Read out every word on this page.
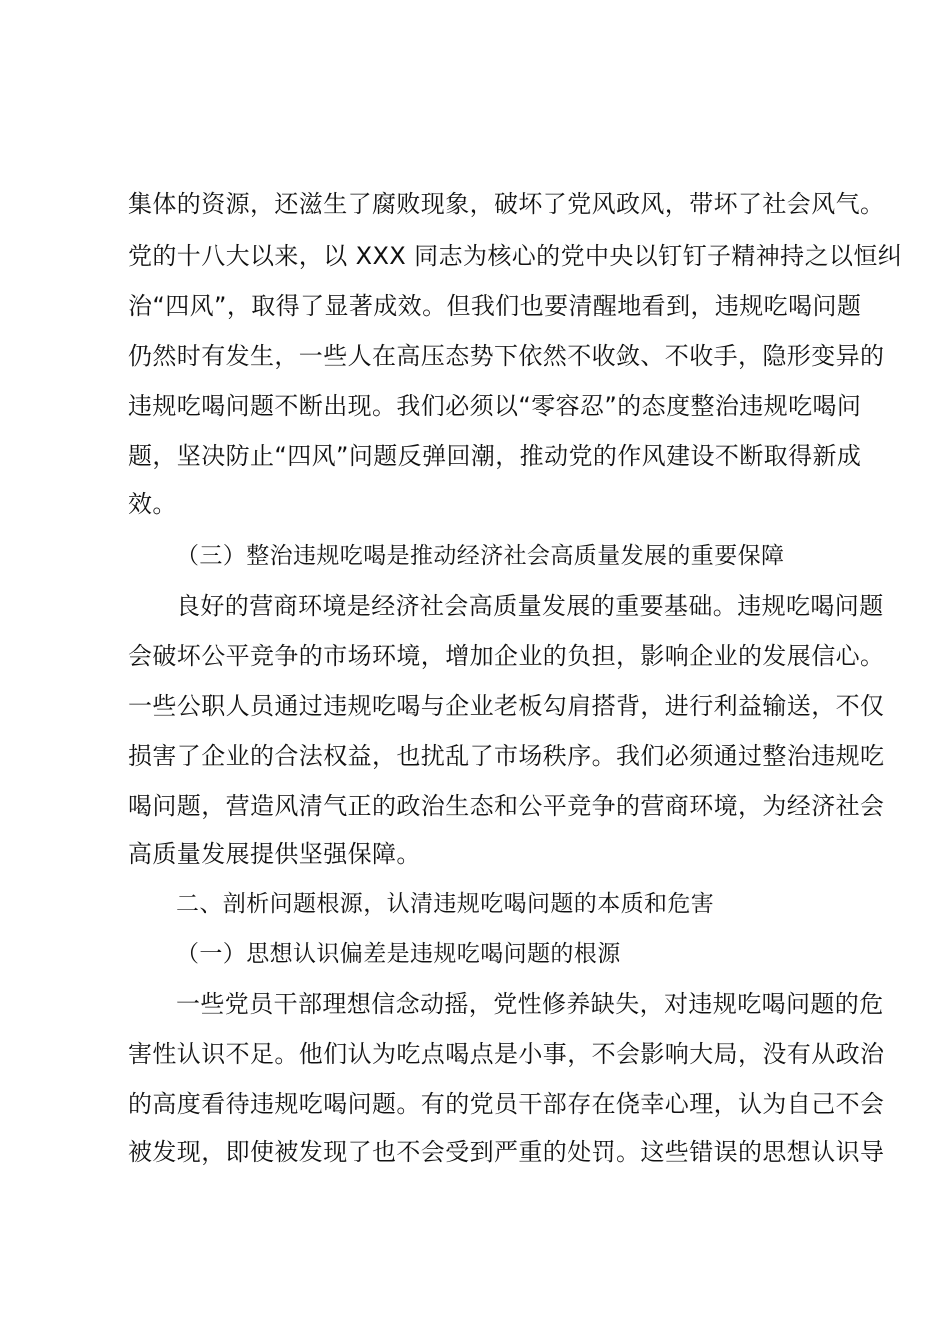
集体的资源，还滋生了腐败现象，破坏了党风政风，带坏了社会风气。
党的十八大以来，以 XXX 同志为核心的党中央以钉钉子精神持之以恒纠
治“四风”，取得了显著成效。但我们也要清醒地看到，违规吃喝问题
仍然时有发生，一些人在高压态势下依然不收敛、不收手，隐形变异的
违规吃喝问题不断出现。我们必须以“零容忍”的态度整治违规吃喝问
题，坚决防止“四风”问题反弹回潮，推动党的作风建设不断取得新成
效。
（三）整治违规吃喝是推动经济社会高质量发展的重要保障
良好的营商环境是经济社会高质量发展的重要基础。违规吃喝问题
会破坏公平竞争的市场环境，增加企业的负担，影响企业的发展信心。
一些公职人员通过违规吃喝与企业老板勾肩搭背，进行利益输送，不仅
损害了企业的合法权益，也扰乱了市场秩序。我们必须通过整治违规吃
喝问题，营造风清气正的政治生态和公平竞争的营商环境，为经济社会
高质量发展提供坚强保障。
二、剖析问题根源，认清违规吃喝问题的本质和危害
（一）思想认识偏差是违规吃喝问题的根源
一些党员干部理想信念动摇，党性修养缺失，对违规吃喝问题的危
害性认识不足。他们认为吃点喝点是小事，不会影响大局，没有从政治
的高度看待违规吃喝问题。有的党员干部存在侥幸心理，认为自己不会
被发现，即使被发现了也不会受到严重的处罚。这些错误的思想认识导
